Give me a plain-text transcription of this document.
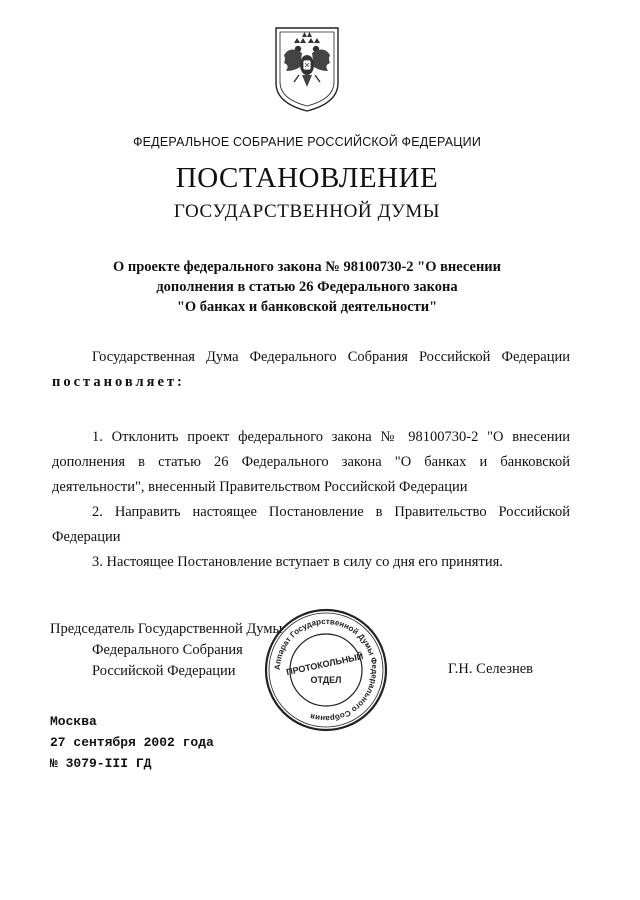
ФЕДЕРАЛЬНОЕ СОБРАНИЕ РОССИЙСКОЙ ФЕДЕРАЦИИ
ПОСТАНОВЛЕНИЕ
ГОСУДАРСТВЕННОЙ ДУМЫ
О проекте федерального закона № 98100730-2 "О внесении
дополнения в статью 26 Федерального закона
"О банках и банковской деятельности"

Государственная Дума Федерального Собрания Российской Федерации постановляет:

1. Отклонить проект федерального закона № 98100730-2 "О внесении дополнения в статью 26 Федерального закона "О банках и банковской деятельности", внесенный Правительством Российской Федерации

2. Направить настоящее Постановление в Правительство Российской Федерации

3. Настоящее Постановление вступает в силу со дня его принятия.

Председатель Государственной Думы
Федерального Собрания
Российской Федерации	Г.Н. Селезнев
Аппарат Государственной Думы Федерального Собрания
ПРОТОКОЛЬНЫЙ
ОТДЕЛ
Москва
27 сентября 2002 года
№ 3079-III ГД
